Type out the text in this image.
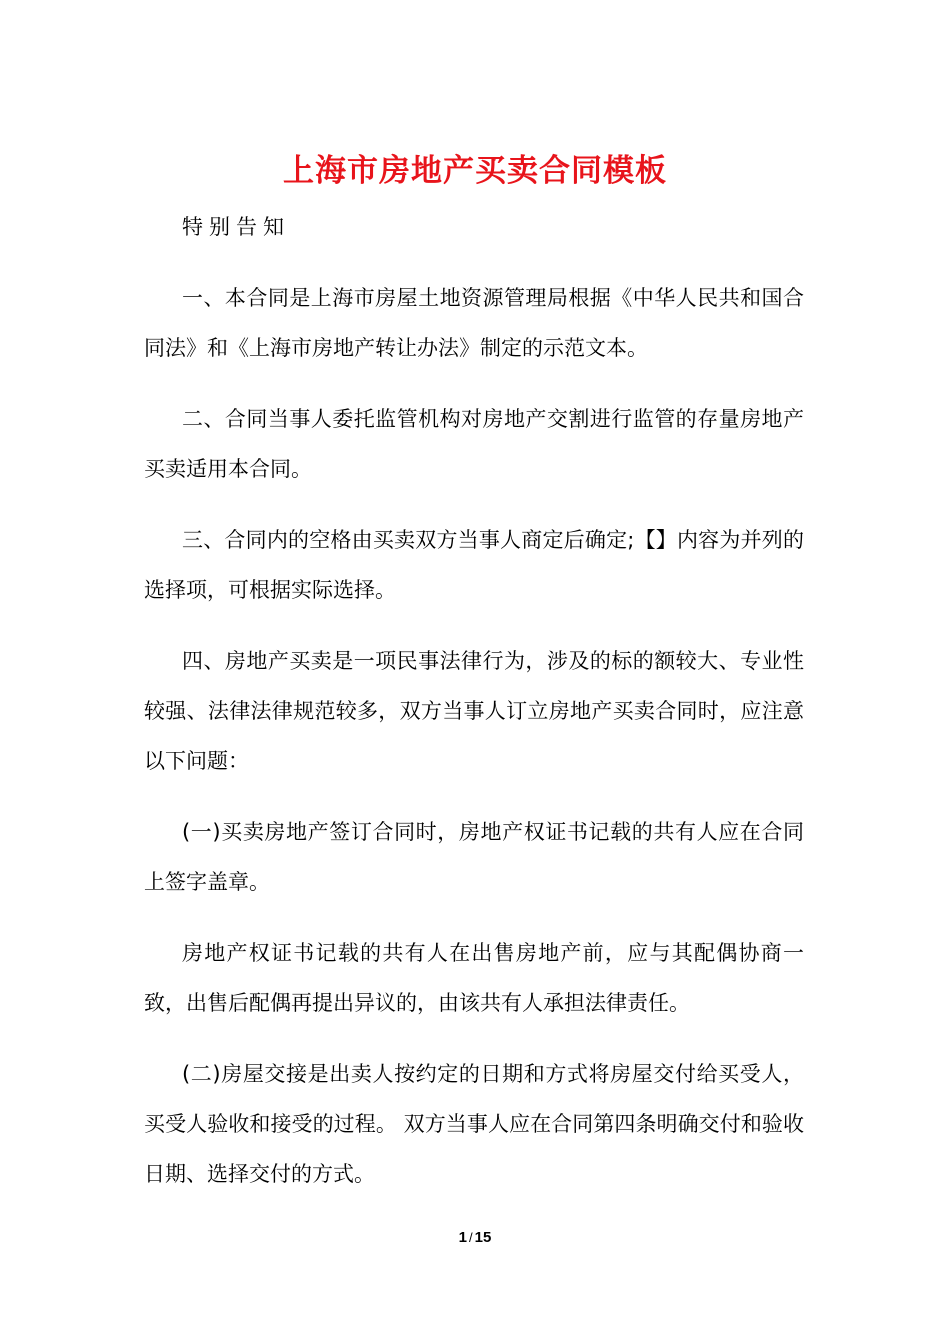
上海市房地产买卖合同模板

特别告知

一、本合同是上海市房屋土地资源管理局根据《中华人民共和国合同法》和《上海市房地产转让办法》制定的示范文本。

二、合同当事人委托监管机构对房地产交割进行监管的存量房地产买卖适用本合同。

三、合同内的空格由买卖双方当事人商定后确定;【】内容为并列的选择项，可根据实际选择。

四、房地产买卖是一项民事法律行为，涉及的标的额较大、专业性较强、法律法律规范较多，双方当事人订立房地产买卖合同时，应注意以下问题：

(一)买卖房地产签订合同时，房地产权证书记载的共有人应在合同上签字盖章。

房地产权证书记载的共有人在出售房地产前，应与其配偶协商一致，出售后配偶再提出异议的，由该共有人承担法律责任。

(二)房屋交接是出卖人按约定的日期和方式将房屋交付给买受人，买受人验收和接受的过程。 双方当事人应在合同第四条明确交付和验收日期、选择交付的方式。

1 / 15
